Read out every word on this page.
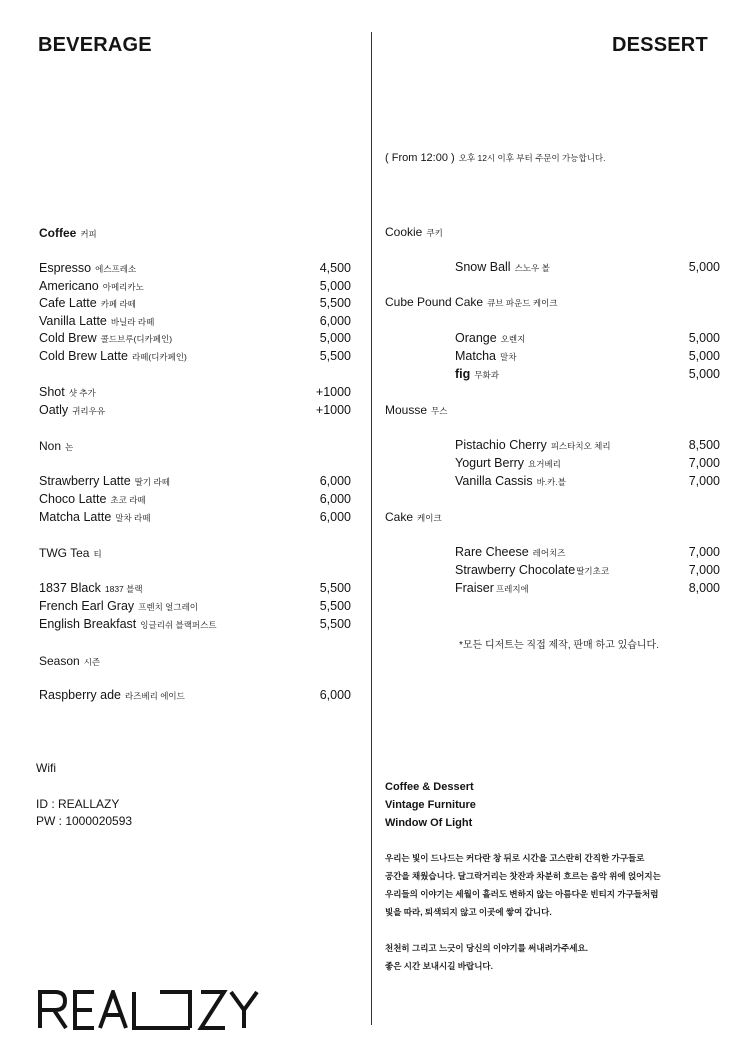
BEVERAGE
Coffee 커피
Espresso 에스프레소	4,500
Americano 아메리카노	5,000
Cafe Latte 카페 라떼	5,500
Vanilla Latte 바닐라 라떼	6,000
Cold Brew 콜드브루(디카페인)	5,000
Cold Brew Latte 라떼(디카페인)	5,500
Shot 샷 추가	+1000
Oatly 귀리우유	+1000
Non 논
Strawberry Latte 딸기 라떼	6,000
Choco Latte 초코 라떼	6,000
Matcha Latte 말차 라떼	6,000
TWG Tea 티
1837 Black 1837 블랙	5,500
French Earl Gray 프렌치 얼그레이	5,500
English Breakfast 잉글리쉬 블랙퍼스트	5,500
Season 시즌
Raspberry ade 라즈베리 에이드	6,000
Wifi
ID : REALLAZY
PW : 1000020593
DESSERT
( From 12:00 ) 오후 12시 이후 부터 주문이 가능합니다.
Cookie 쿠키
Snow Ball 스노우 볼	5,000
Cube Pound Cake 큐브 파운드 케이크
Orange 오렌지	5,000
Matcha 말차	5,000
fig 무화과	5,000
Mousse 무스
Pistachio Cherry 피스타치오 체리	8,500
Yogurt Berry 요거베리	7,000
Vanilla Cassis 바.카.블	7,000
Cake 케이크
Rare Cheese 레어치즈	7,000
Strawberry Chocolate딸기초코	7,000
Fraiser 프레지에	8,000
*모든 디저트는 직접 제작, 판매 하고 있습니다.
Coffee & Dessert
Vintage Furniture
Window Of Light
우리는 빛이 드나드는 커다란 창 뒤로 시간을 고스란히 간직한 가구들로
공간을 채웠습니다. 달그락거리는 찻잔과 차분히 흐르는 음악 위에 얹어지는
우리들의 이야기는 세월이 흘러도 변하지 않는 아름다운 빈티지 가구들처럼
빛을 따라, 퇴색되지 않고 이곳에 쌓여 갑니다.
천천히 그리고 느긋이 당신의 이야기를 써내려가주세요.
좋은 시간 보내시길 바랍니다.
